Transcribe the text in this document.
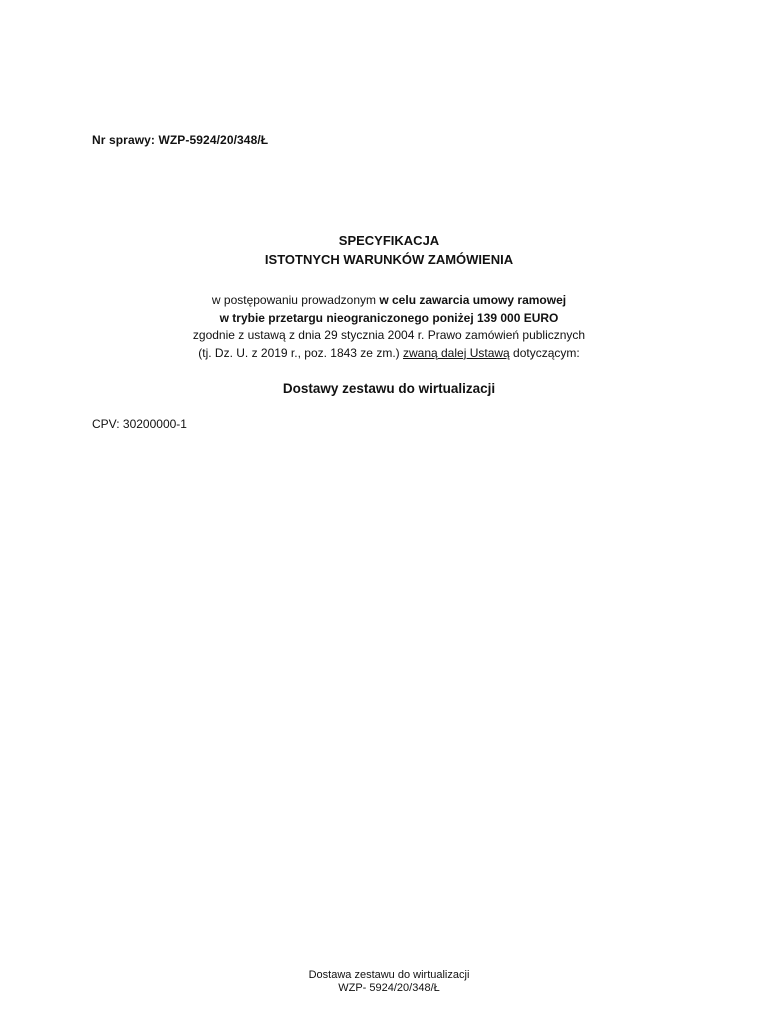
Nr sprawy: WZP-5924/20/348/Ł
SPECYFIKACJA
ISTOTNYCH WARUNKÓW ZAMÓWIENIA
w postępowaniu prowadzonym w celu zawarcia umowy ramowej
w trybie przetargu nieograniczonego poniżej 139 000 EURO
zgodnie z ustawą z dnia 29 stycznia 2004 r. Prawo zamówień publicznych
(tj. Dz. U. z 2019 r., poz. 1843 ze zm.) zwaną dalej Ustawą dotyczącym:
Dostawy zestawu do wirtualizacji
CPV: 30200000-1
Dostawa zestawu do wirtualizacji
WZP- 5924/20/348/Ł
